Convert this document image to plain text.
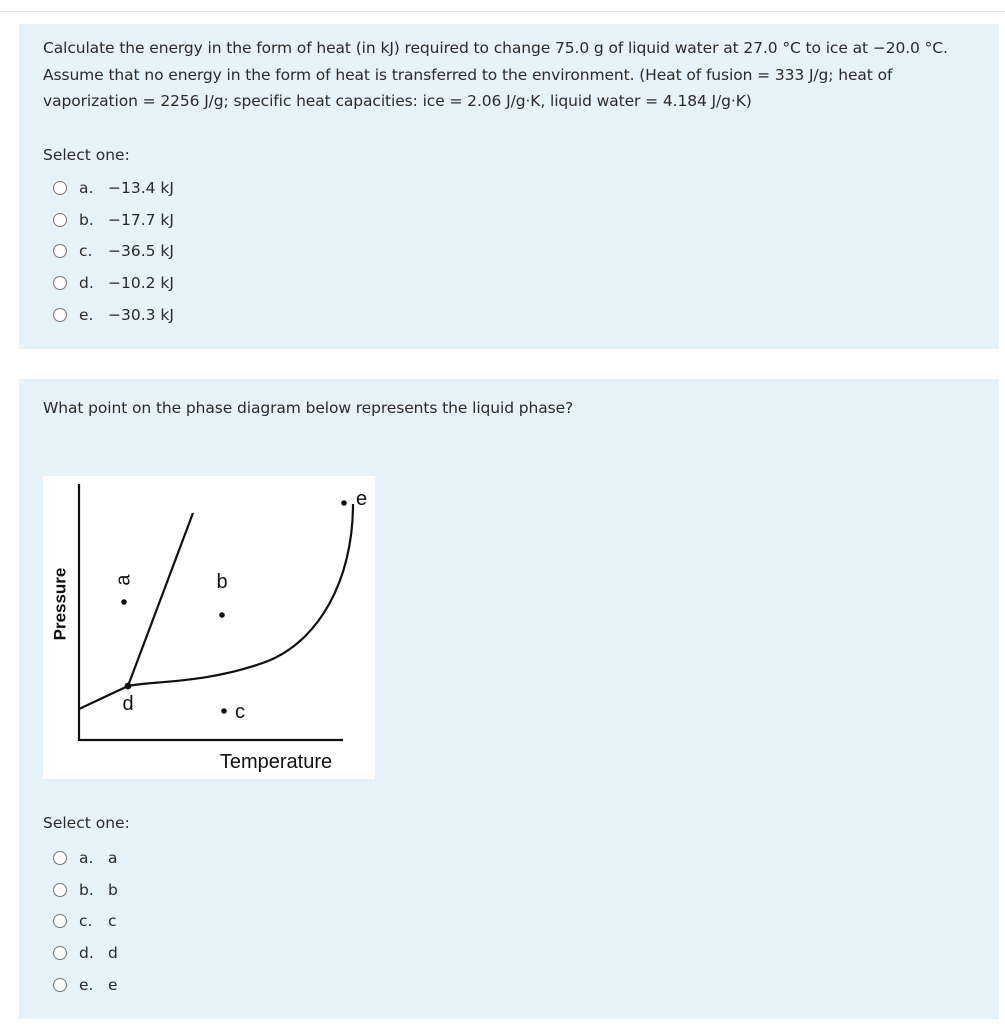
Calculate the energy in the form of heat (in kJ) required to change 75.0 g of liquid water at 27.0 °C to ice at −20.0 °C. Assume that no energy in the form of heat is transferred to the environment. (Heat of fusion = 333 J/g; heat of vaporization = 2256 J/g; specific heat capacities: ice = 2.06 J/g·K, liquid water = 4.184 J/g·K)
Select one:
a. −13.4 kJ
b. −17.7 kJ
c.	−36.5 kJ
d. −10.2 kJ
e. −30.3 kJ
What point on the phase diagram below represents the liquid phase?
Pressure
Temperature
a	b
c
d
e
Select one:
a. a
b. b
c.	c
d. d
e. e
